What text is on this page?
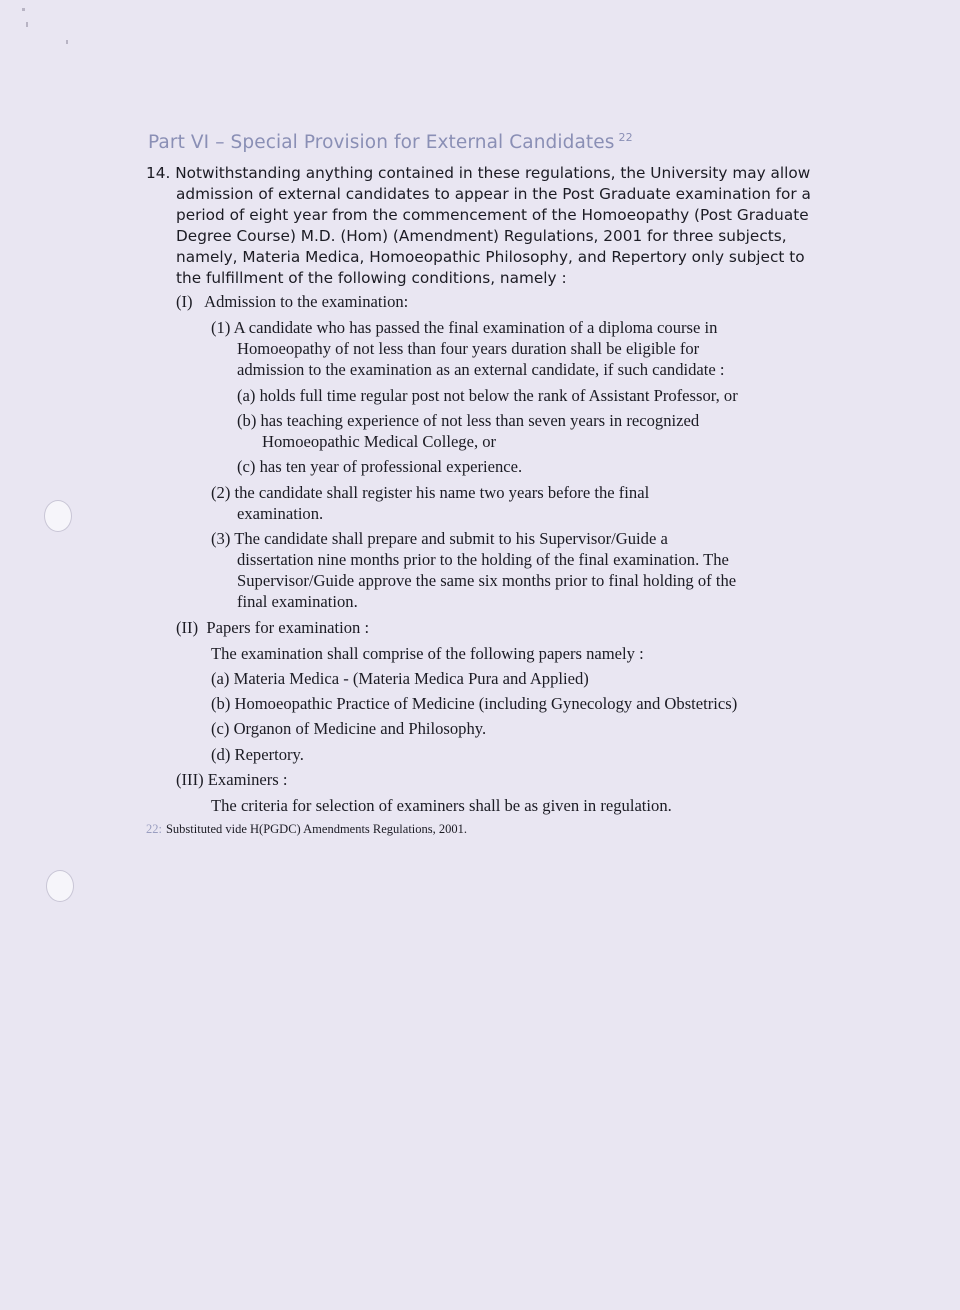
Part VI – Special Provision for External Candidates $^{22}$
14. Notwithstanding anything contained in these regulations, the University may allow
admission of external candidates to appear in the Post Graduate examination for a
period of eight year from the commencement of the Homoeopathy (Post Graduate
Degree Course) M.D. (Hom) (Amendment) Regulations, 2001 for three subjects,
namely, Materia Medica, Homoeopathic Philosophy, and Repertory only subject to
the fulfillment of the following conditions, namely :
(I)   Admission to the examination:
(1) A candidate who has passed the final examination of a diploma course in
Homoeopathy of not less than four years duration shall be eligible for
admission to the examination as an external candidate, if such candidate :
(a) holds full time regular post not below the rank of Assistant Professor, or
(b) has teaching experience of not less than seven years in recognized
Homoeopathic Medical College, or
(c) has ten year of professional experience.
(2) the candidate shall register his name two years before the final
examination.
(3) The candidate shall prepare and submit to his Supervisor/Guide a
dissertation nine months prior to the holding of the final examination. The
Supervisor/Guide approve the same six months prior to final holding of the
final examination.
(II)  Papers for examination :
The examination shall comprise of the following papers namely :
(a) Materia Medica - (Materia Medica Pura and Applied)
(b) Homoeopathic Practice of Medicine (including Gynecology and Obstetrics)
(c) Organon of Medicine and Philosophy.
(d) Repertory.
(III) Examiners :
The criteria for selection of examiners shall be as given in regulation.
22: Substituted vide H(PGDC) Amendments Regulations, 2001.
